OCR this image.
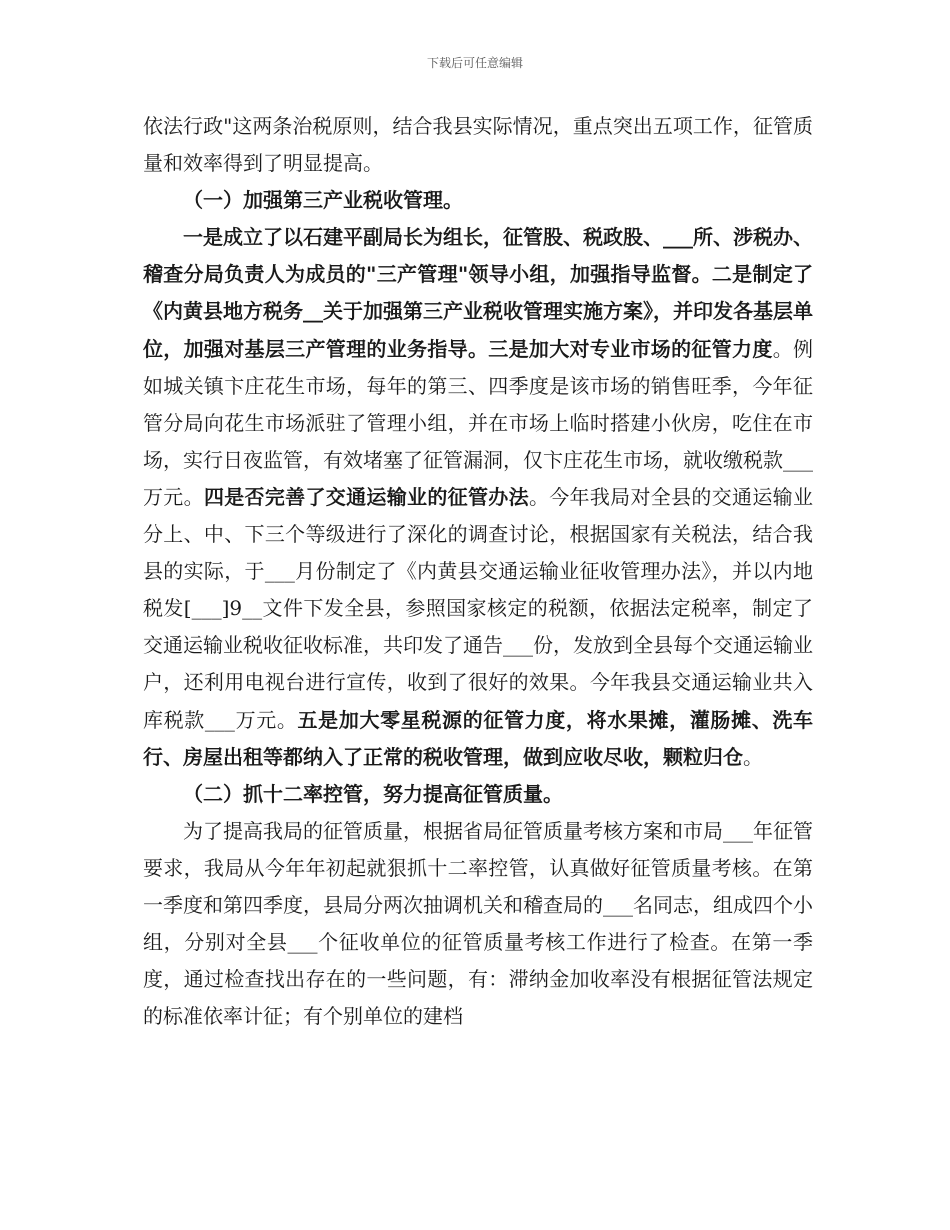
下载后可任意编辑

依法行政"这两条治税原则，结合我县实际情况，重点突出五项工作，征管质量和效率得到了明显提高。

（一）加强第三产业税收管理。

一是成立了以石建平副局长为组长，征管股、税政股、___所、涉税办、稽查分局负责人为成员的"三产管理"领导小组，加强指导监督。二是制定了《内黄县地方税务__关于加强第三产业税收管理实施方案》，并印发各基层单位，加强对基层三产管理的业务指导。三是加大对专业市场的征管力度。例如城关镇卞庄花生市场，每年的第三、四季度是该市场的销售旺季，今年征管分局向花生市场派驻了管理小组，并在市场上临时搭建小伙房，吃住在市场，实行日夜监管，有效堵塞了征管漏洞，仅卞庄花生市场，就收缴税款___万元。四是否完善了交通运输业的征管办法。今年我局对全县的交通运输业分上、中、下三个等级进行了深化的调查讨论，根据国家有关税法，结合我县的实际，于___月份制定了《内黄县交通运输业征收管理办法》，并以内地税发[___]9__文件下发全县，参照国家核定的税额，依据法定税率，制定了交通运输业税收征收标准，共印发了通告___份，发放到全县每个交通运输业户，还利用电视台进行宣传，收到了很好的效果。今年我县交通运输业共入库税款___万元。五是加大零星税源的征管力度，将水果摊，灌肠摊、洗车行、房屋出租等都纳入了正常的税收管理，做到应收尽收，颗粒归仓。

（二）抓十二率控管，努力提高征管质量。

为了提高我局的征管质量，根据省局征管质量考核方案和市局___年征管要求，我局从今年年初起就狠抓十二率控管，认真做好征管质量考核。在第一季度和第四季度，县局分两次抽调机关和稽查局的___名同志，组成四个小组，分别对全县___个征收单位的征管质量考核工作进行了检查。在第一季度，通过检查找出存在的一些问题，有：滞纳金加收率没有根据征管法规定的标准依率计征；有个别单位的建档
